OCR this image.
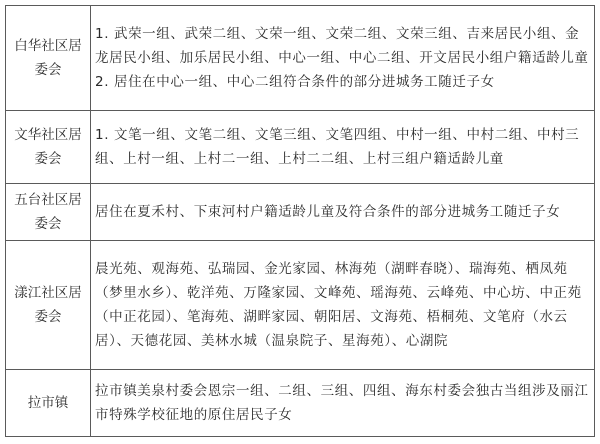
白华社区居委会	1. 武荣一组、武荣二组、文荣一组、文荣二组、文荣三组、吉来居民小组、金龙居民小组、加乐居民小组、中心一组、中心二组、开文居民小组户籍适龄儿童
2. 居住在中心一组、中心二组符合条件的部分进城务工随迁子女

文华社区居委会	1. 文笔一组、文笔二组、文笔三组、文笔四组、中村一组、中村二组、中村三组、上村一组、上村二一组、上村二二组、上村三组户籍适龄儿童

五台社区居委会	居住在夏禾村、下束河村户籍适龄儿童及符合条件的部分进城务工随迁子女

漾江社区居委会	晨光苑、观海苑、弘瑞园、金光家园、林海苑（湖畔春晓）、瑞海苑、栖凤苑（梦里水乡）、乾洋苑、万隆家园、文峰苑、瑶海苑、云峰苑、中心坊、中正苑（中正花园）、笔海苑、湖畔家园、朝阳居、文海苑、梧桐苑、文笔府（水云居）、天德花园、美林水城（温泉院子、星海苑）、心湖院

拉市镇	拉市镇美泉村委会恩宗一组、二组、三组、四组、海东村委会独古当组涉及丽江市特殊学校征地的原住居民子女
